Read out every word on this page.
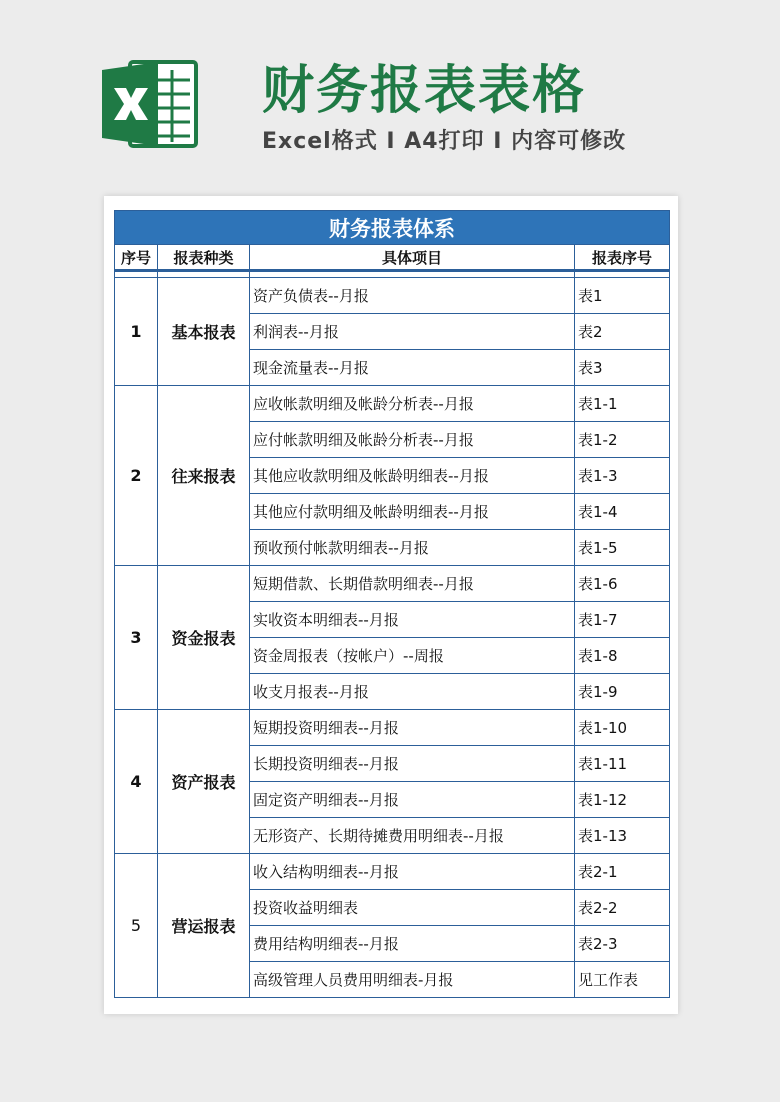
财务报表表格
Excel格式 I A4打印 I 内容可修改
财务报表体系			
序号	报表种类	具体项目	报表序号

1	基本报表	资产负债表--月报	表1
		利润表--月报	表2
		现金流量表--月报	表3
2	往来报表	应收帐款明细及帐龄分析表--月报	表1-1
		应付帐款明细及帐龄分析表--月报	表1-2
		其他应收款明细及帐龄明细表--月报	表1-3
		其他应付款明细及帐龄明细表--月报	表1-4
		预收预付帐款明细表--月报	表1-5
3	资金报表	短期借款、长期借款明细表--月报	表1-6
		实收资本明细表--月报	表1-7
		资金周报表（按帐户）--周报	表1-8
		收支月报表--月报	表1-9
4	资产报表	短期投资明细表--月报	表1-10
		长期投资明细表--月报	表1-11
		固定资产明细表--月报	表1-12
		无形资产、长期待摊费用明细表--月报	表1-13
5	营运报表	收入结构明细表--月报	表2-1
		投资收益明细表	表2-2
		费用结构明细表--月报	表2-3
		高级管理人员费用明细表-月报	见工作表
